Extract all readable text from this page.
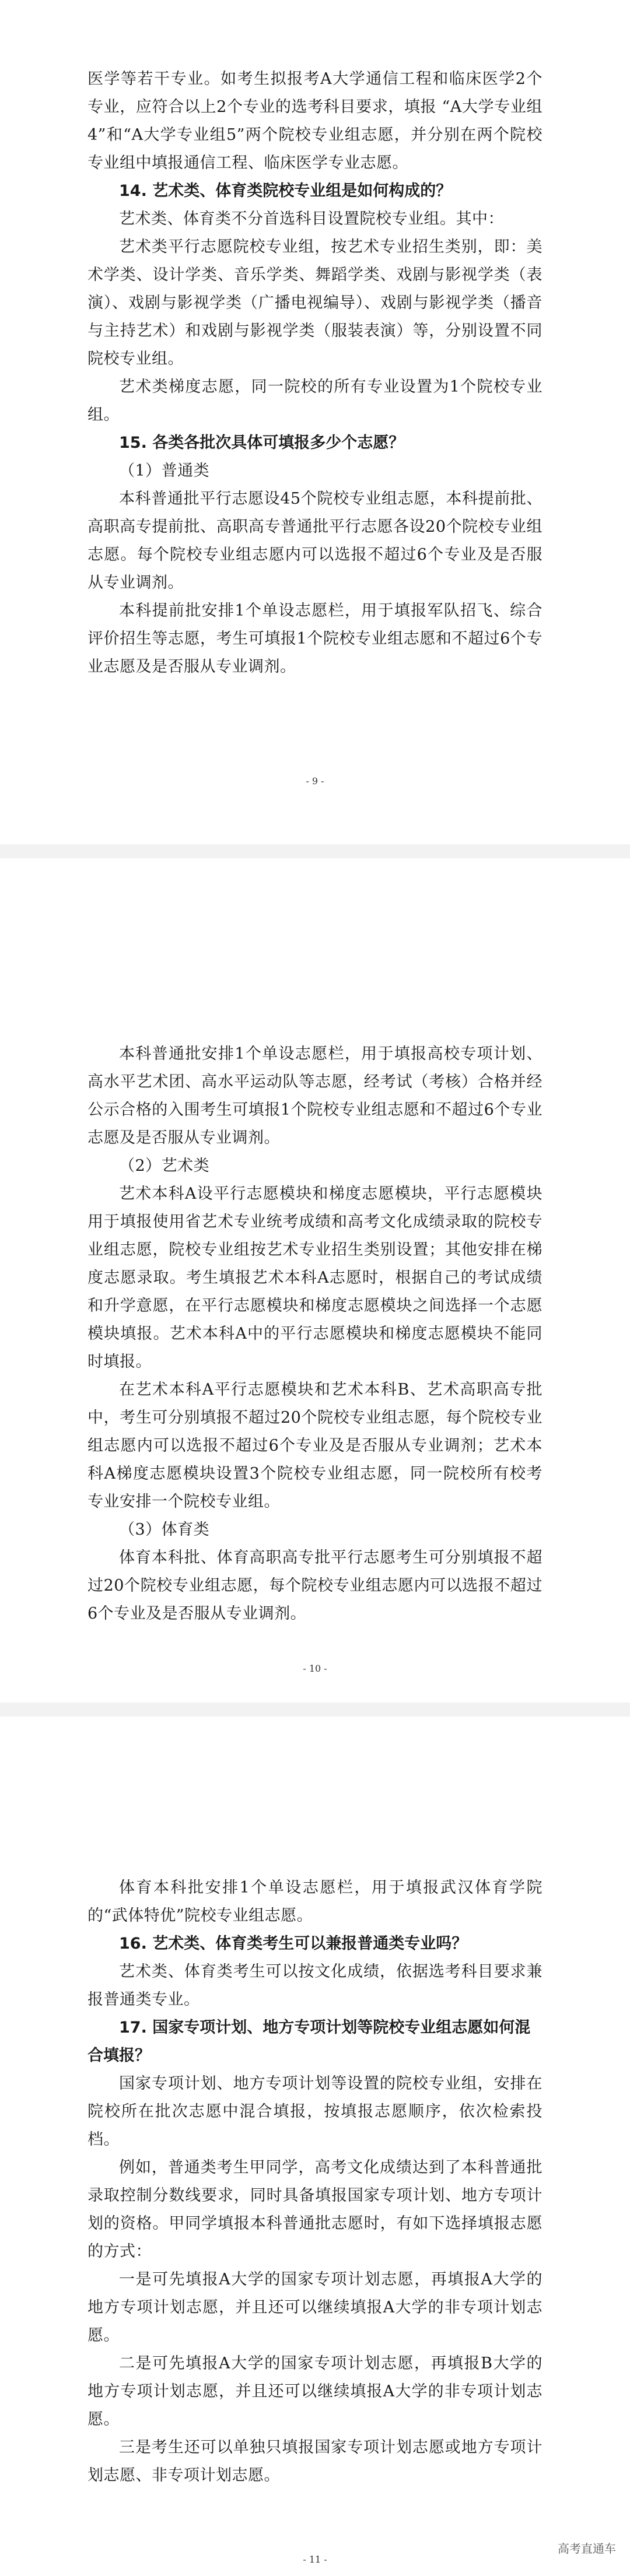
医学等若干专业。如考生拟报考A大学通信工程和临床医学2个专业，应符合以上2个专业的选考科目要求，填报 “A大学专业组4”和“A大学专业组5”两个院校专业组志愿，并分别在两个院校专业组中填报通信工程、临床医学专业志愿。

14. 艺术类、体育类院校专业组是如何构成的？

艺术类、体育类不分首选科目设置院校专业组。其中：

艺术类平行志愿院校专业组，按艺术专业招生类别，即：美术学类、设计学类、音乐学类、舞蹈学类、戏剧与影视学类（表演）、戏剧与影视学类（广播电视编导）、戏剧与影视学类（播音与主持艺术）和戏剧与影视学类（服装表演）等，分别设置不同院校专业组。

艺术类梯度志愿，同一院校的所有专业设置为1个院校专业组。

15. 各类各批次具体可填报多少个志愿？

（1）普通类

本科普通批平行志愿设45个院校专业组志愿，本科提前批、高职高专提前批、高职高专普通批平行志愿各设20个院校专业组志愿。每个院校专业组志愿内可以选报不超过6个专业及是否服从专业调剂。

本科提前批安排1个单设志愿栏，用于填报军队招飞、综合评价招生等志愿，考生可填报1个院校专业组志愿和不超过6个专业志愿及是否服从专业调剂。

- 9 -

本科普通批安排1个单设志愿栏，用于填报高校专项计划、高水平艺术团、高水平运动队等志愿，经考试（考核）合格并经公示合格的入围考生可填报1个院校专业组志愿和不超过6个专业志愿及是否服从专业调剂。

（2）艺术类

艺术本科A设平行志愿模块和梯度志愿模块，平行志愿模块用于填报使用省艺术专业统考成绩和高考文化成绩录取的院校专业组志愿，院校专业组按艺术专业招生类别设置；其他安排在梯度志愿录取。考生填报艺术本科A志愿时，根据自己的考试成绩和升学意愿，在平行志愿模块和梯度志愿模块之间选择一个志愿模块填报。艺术本科A中的平行志愿模块和梯度志愿模块不能同时填报。

在艺术本科A平行志愿模块和艺术本科B、艺术高职高专批中，考生可分别填报不超过20个院校专业组志愿，每个院校专业组志愿内可以选报不超过6个专业及是否服从专业调剂；艺术本科A梯度志愿模块设置3个院校专业组志愿，同一院校所有校考专业安排一个院校专业组。

（3）体育类

体育本科批、体育高职高专批平行志愿考生可分别填报不超过20个院校专业组志愿，每个院校专业组志愿内可以选报不超过6个专业及是否服从专业调剂。

- 10 -

体育本科批安排1个单设志愿栏，用于填报武汉体育学院的“武体特优”院校专业组志愿。

16. 艺术类、体育类考生可以兼报普通类专业吗？

艺术类、体育类考生可以按文化成绩，依据选考科目要求兼报普通类专业。

17. 国家专项计划、地方专项计划等院校专业组志愿如何混合填报？

国家专项计划、地方专项计划等设置的院校专业组，安排在院校所在批次志愿中混合填报，按填报志愿顺序，依次检索投档。

例如，普通类考生甲同学，高考文化成绩达到了本科普通批录取控制分数线要求，同时具备填报国家专项计划、地方专项计划的资格。甲同学填报本科普通批志愿时，有如下选择填报志愿的方式：

一是可先填报A大学的国家专项计划志愿，再填报A大学的地方专项计划志愿，并且还可以继续填报A大学的非专项计划志愿。

二是可先填报A大学的国家专项计划志愿，再填报B大学的地方专项计划志愿，并且还可以继续填报A大学的非专项计划志愿。

三是考生还可以单独只填报国家专项计划志愿或地方专项计划志愿、非专项计划志愿。

- 11 -
高考直通车
